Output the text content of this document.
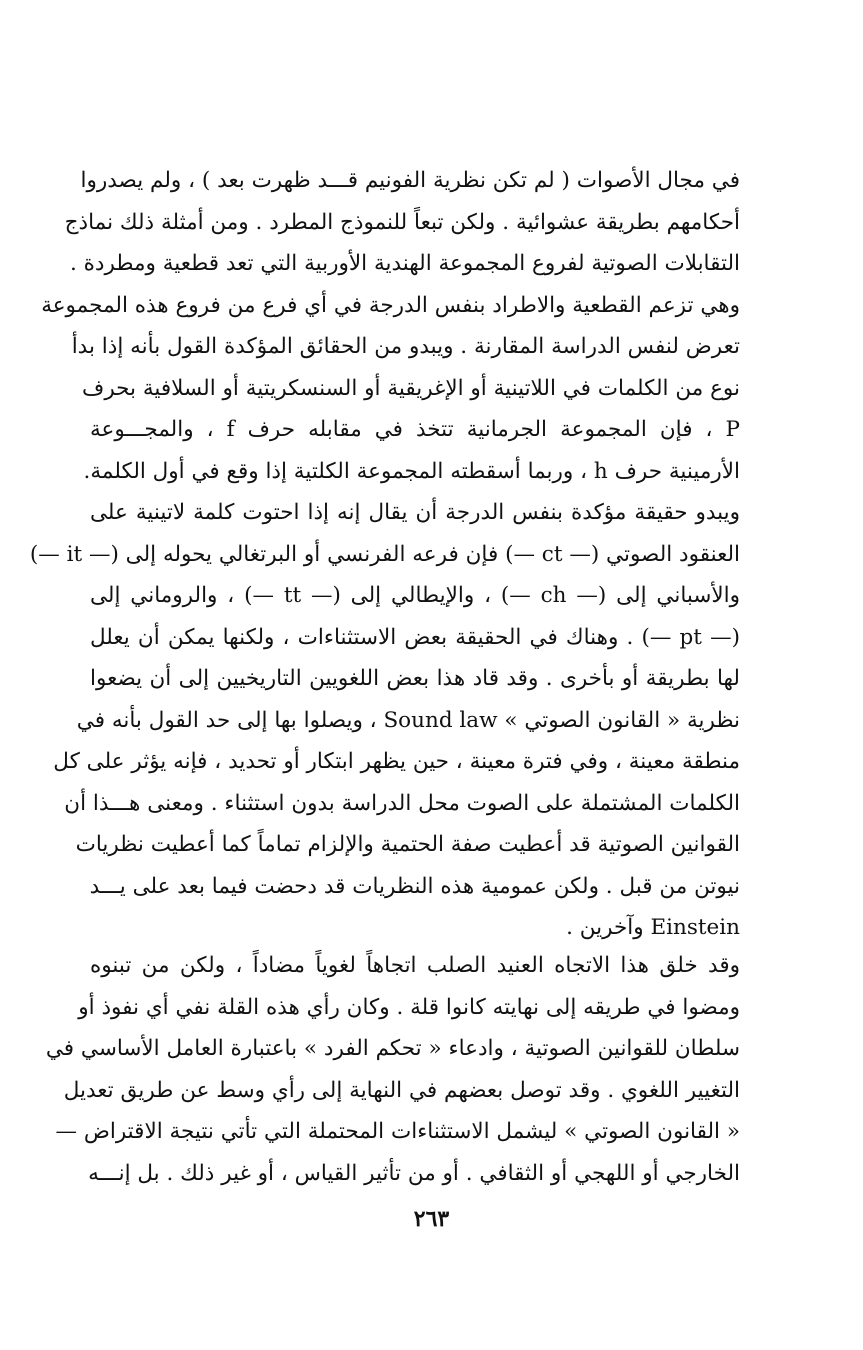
في مجال الأصوات ( لم تكن نظرية الفونيم قـــد ظهرت بعد ) ، ولم يصدروا
أحكامهم بطريقة عشوائية . ولكن تبعاً للنموذج المطرد . ومن أمثلة ذلك نماذج
التقابلات الصوتية لفروع المجموعة الهندية الأوربية التي تعد قطعية ومطردة .
وهي تزعم القطعية والاطراد بنفس الدرجة في أي فرع من فروع هذه المجموعة
تعرض لنفس الدراسة المقارنة . ويبدو من الحقائق المؤكدة القول بأنه إذا بدأ
نوع من الكلمات في اللاتينية أو الإغريقية أو السنسكريتية أو السلافية بحرف
P ، فإن المجموعة الجرمانية تتخذ في مقابله حرف f ، والمجـــوعة
الأرمينية حرف h ، وربما أسقطته المجموعة الكلتية إذا وقع في أول الكلمة.
ويبدو حقيقة مؤكدة بنفس الدرجة أن يقال إنه إذا احتوت كلمة لاتينية على
العنقود الصوتي (— ct —) فإن فرعه الفرنسي أو البرتغالي يحوله إلى (— it —)
والأسباني إلى (— ch —) ، والإيطالي إلى (— tt —) ، والروماني إلى
(— pt —) . وهناك في الحقيقة بعض الاستثناءات ، ولكنها يمكن أن يعلل
لها بطريقة أو بأخرى . وقد قاد هذا بعض اللغويين التاريخيين إلى أن يضعوا
نظرية « القانون الصوتي » Sound law ، ويصلوا بها إلى حد القول بأنه في
منطقة معينة ، وفي فترة معينة ، حين يظهر ابتكار أو تحديد ، فإنه يؤثر على كل
الكلمات المشتملة على الصوت محل الدراسة بدون استثناء . ومعنى هـــذا أن
القوانين الصوتية قد أعطيت صفة الحتمية والإلزام تماماً كما أعطيت نظريات
نيوتن من قبل . ولكن عمومية هذه النظريات قد دحضت فيما بعد على يـــد
Einstein وآخرين .
وقد خلق هذا الاتجاه العنيد الصلب اتجاهاً لغوياً مضاداً ، ولكن من تبنوه
ومضوا في طريقه إلى نهايته كانوا قلة . وكان رأي هذه القلة نفي أي نفوذ أو
سلطان للقوانين الصوتية ، وادعاء « تحكم الفرد » باعتبارة العامل الأساسي في
التغيير اللغوي . وقد توصل بعضهم في النهاية إلى رأي وسط عن طريق تعديل
« القانون الصوتي » ليشمل الاستثناءات المحتملة التي تأتي نتيجة الاقتراض —
الخارجي أو اللهجي أو الثقافي . أو من تأثير القياس ، أو غير ذلك . بل إنـــه
٢٦٣
